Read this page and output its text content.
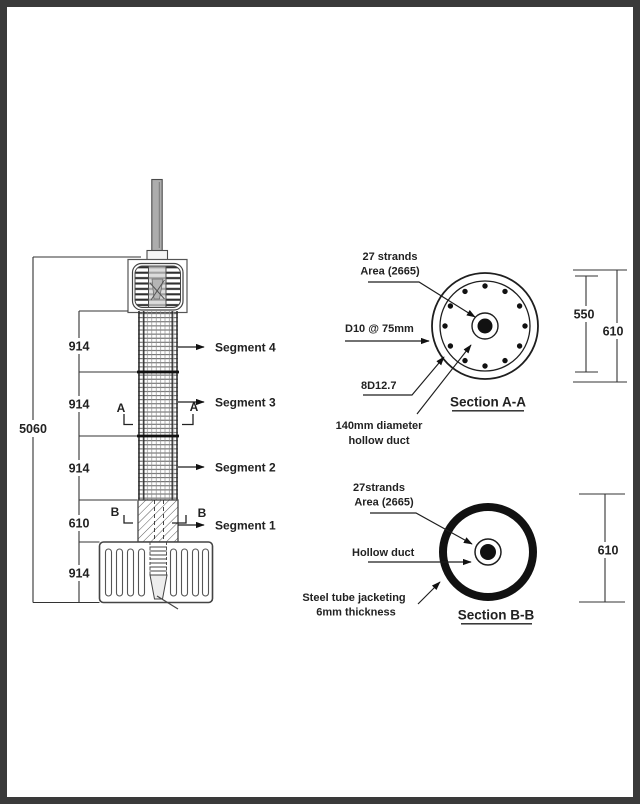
5060
914
914
914
610
914
Segment 4
Segment 3
Segment 2
Segment 1
A	A
B	B
27 strands
Area (2665)
D10 @ 75mm
8D12.7
140mm diameter
hollow duct
Section A-A
550
610
27strands
Area (2665)
Hollow duct
Steel tube jacketing
6mm thickness	Section B-B
610
